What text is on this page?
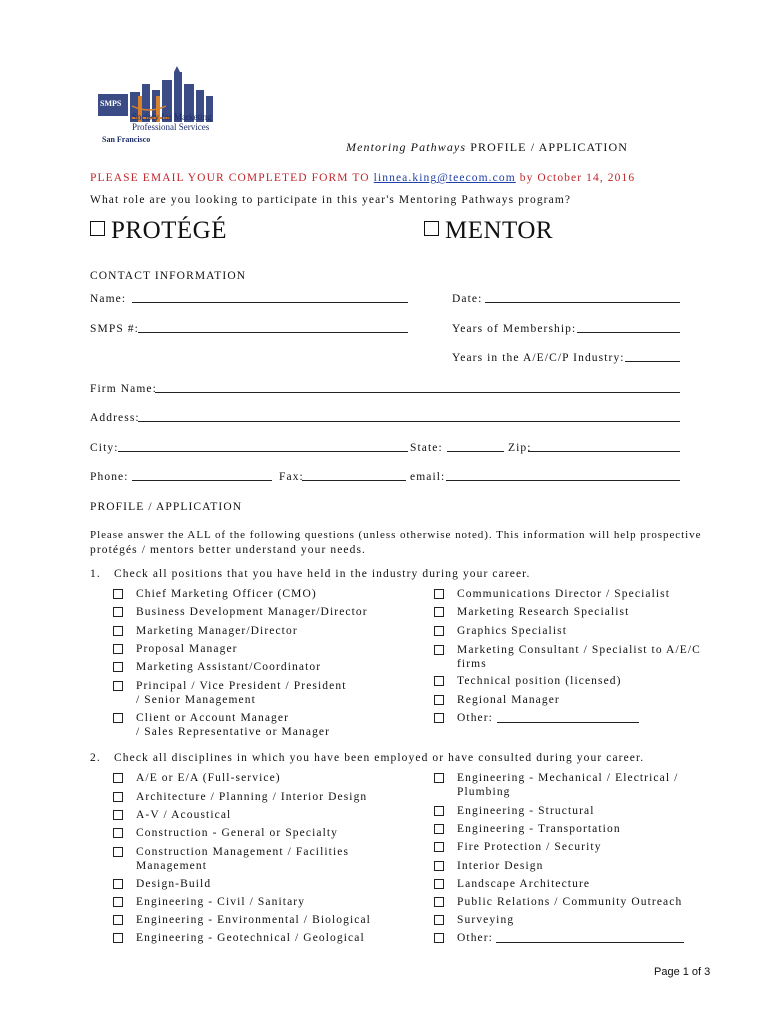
SMPS
Society for Marketing
Professional Services
San Francisco
Mentoring Pathways PROFILE / APPLICATION
PLEASE EMAIL YOUR COMPLETED FORM TO linnea.king@teecom.com by October 14, 2016
What role are you looking to participate in this year's Mentoring Pathways program?
PROTÉGÉ	MENTOR
CONTACT INFORMATION
Name:	Date:
SMPS #:	Years of Membership:
Years in the A/E/C/P Industry:
Firm Name:
Address:
City:	State:	Zip:
Phone:	Fax:	email:
PROFILE / APPLICATION
Please answer the ALL of the following questions (unless otherwise noted). This information will help prospective
protégés / mentors better understand your needs.
1. Check all positions that you have held in the industry during your career.
Chief Marketing Officer (CMO)
Business Development Manager/Director
Marketing Manager/Director
Proposal Manager
Marketing Assistant/Coordinator
Principal / Vice President / President
/ Senior Management
Client or Account Manager
/ Sales Representative or Manager
Communications Director / Specialist
Marketing Research Specialist
Graphics Specialist
Marketing Consultant / Specialist to A/E/C
firms
Technical position (licensed)
Regional Manager
Other:
2. Check all disciplines in which you have been employed or have consulted during your career.
A/E or E/A (Full-service)
Architecture / Planning / Interior Design
A-V / Acoustical
Construction - General or Specialty
Construction Management / Facilities
Management
Design-Build
Engineering - Civil / Sanitary
Engineering - Environmental / Biological
Engineering - Geotechnical / Geological
Engineering - Mechanical / Electrical /
Plumbing
Engineering - Structural
Engineering - Transportation
Fire Protection / Security
Interior Design
Landscape Architecture
Public Relations / Community Outreach
Surveying
Other:
Page 1 of 3
